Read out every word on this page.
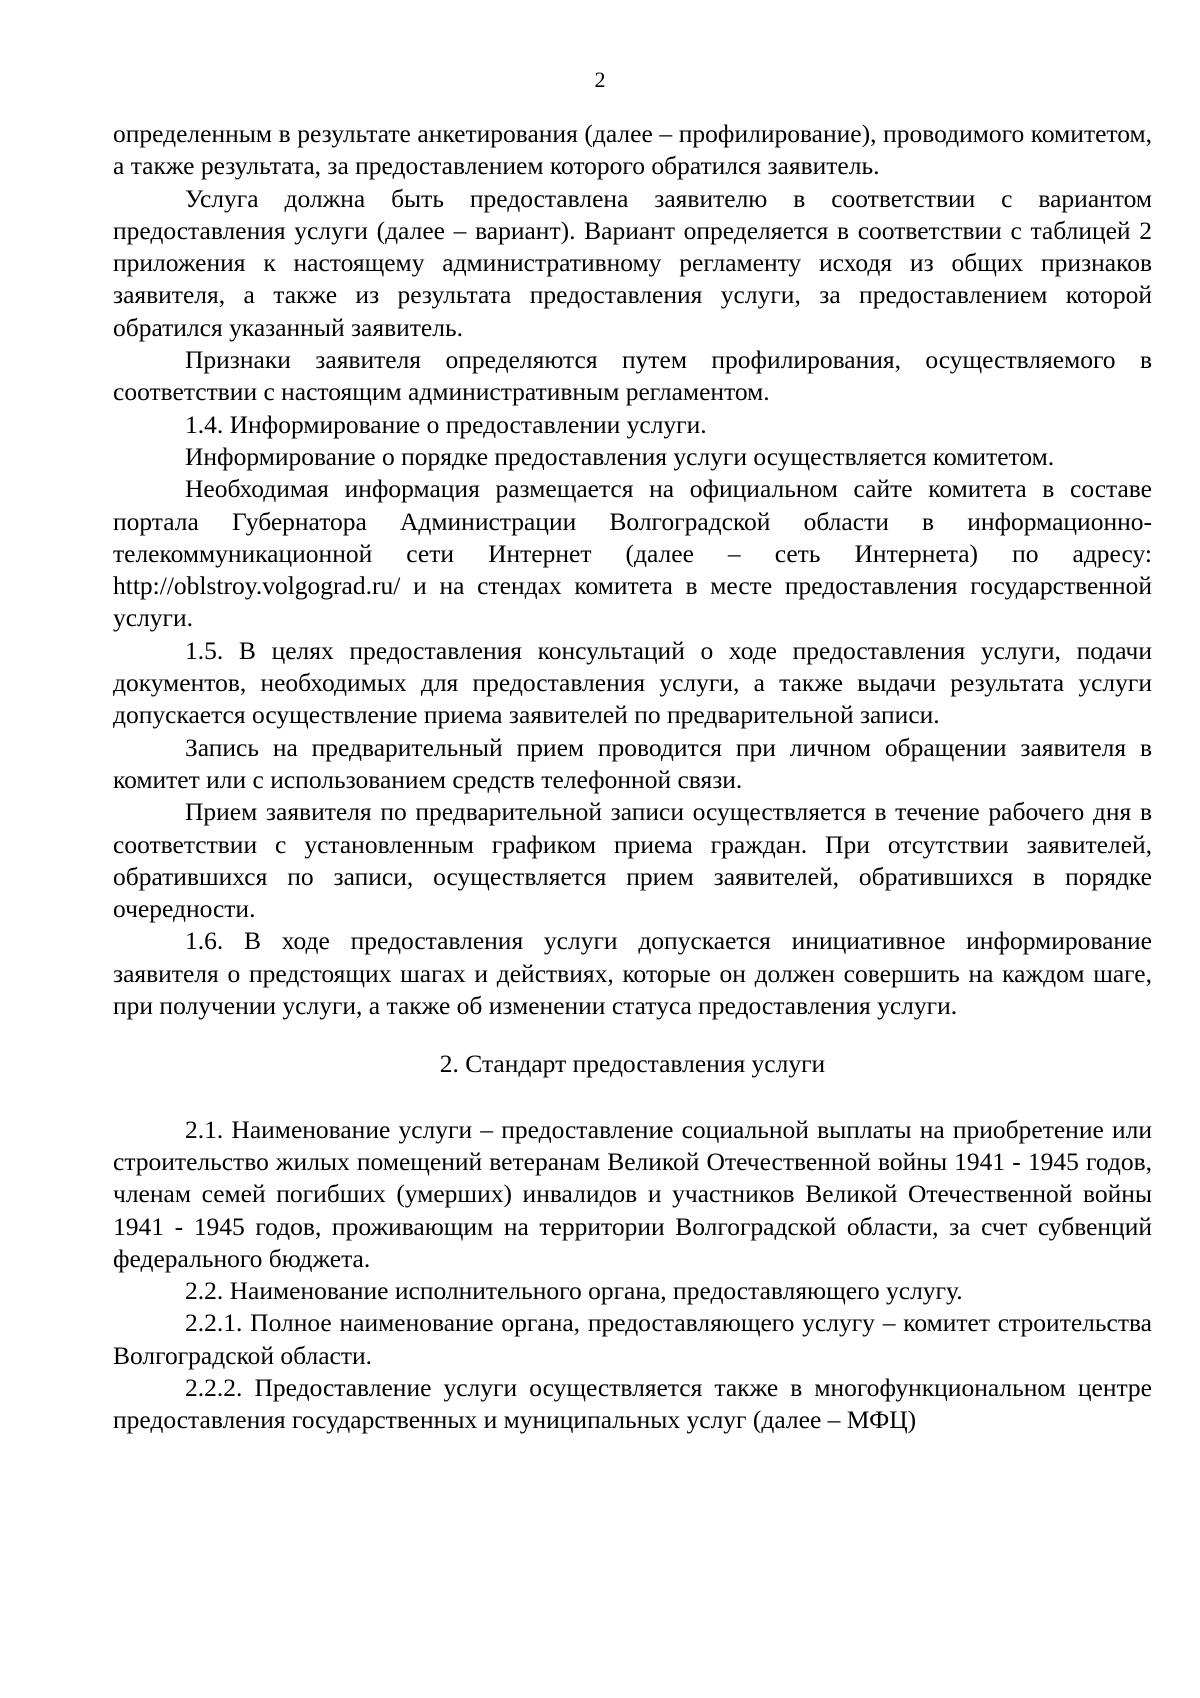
2

определенным в результате анкетирования (далее – профилирование), проводимого комитетом, а также результата, за предоставлением которого обратился заявитель.

Услуга должна быть предоставлена заявителю в соответствии с вариантом предоставления услуги (далее – вариант). Вариант определяется в соответствии с таблицей 2 приложения к настоящему административному регламенту исходя из общих признаков заявителя, а также из результата предоставления услуги, за предоставлением которой обратился указанный заявитель.

Признаки заявителя определяются путем профилирования, осуществляемого в соответствии с настоящим административным регламентом.

1.4. Информирование о предоставлении услуги.

Информирование о порядке предоставления услуги осуществляется комитетом.

Необходимая информация размещается на официальном сайте комитета в составе портала Губернатора Администрации Волгоградской области в информационно-телекоммуникационной сети Интернет (далее – сеть Интернета) по адресу: http://oblstroy.volgograd.ru/ и на стендах комитета в месте предоставления государственной услуги.

1.5. В целях предоставления консультаций о ходе предоставления услуги, подачи документов, необходимых для предоставления услуги, а также выдачи результата услуги допускается осуществление приема заявителей по предварительной записи.

Запись на предварительный прием проводится при личном обращении заявителя в комитет или с использованием средств телефонной связи.

Прием заявителя по предварительной записи осуществляется в течение рабочего дня в соответствии с установленным графиком приема граждан. При отсутствии заявителей, обратившихся по записи, осуществляется прием заявителей, обратившихся в порядке очередности.

1.6. В ходе предоставления услуги допускается инициативное информирование заявителя о предстоящих шагах и действиях, которые он должен совершить на каждом шаге, при получении услуги, а также об изменении статуса предоставления услуги.

2. Стандарт предоставления услуги

2.1. Наименование услуги – предоставление социальной выплаты на приобретение или строительство жилых помещений ветеранам Великой Отечественной войны 1941 - 1945 годов, членам семей погибших (умерших) инвалидов и участников Великой Отечественной войны 1941 - 1945 годов, проживающим на территории Волгоградской области, за счет субвенций федерального бюджета.

2.2. Наименование исполнительного органа, предоставляющего услугу.

2.2.1. Полное наименование органа, предоставляющего услугу – комитет строительства Волгоградской области.

2.2.2. Предоставление услуги осуществляется также в многофункциональном центре предоставления государственных и муниципальных услуг (далее – МФЦ)
